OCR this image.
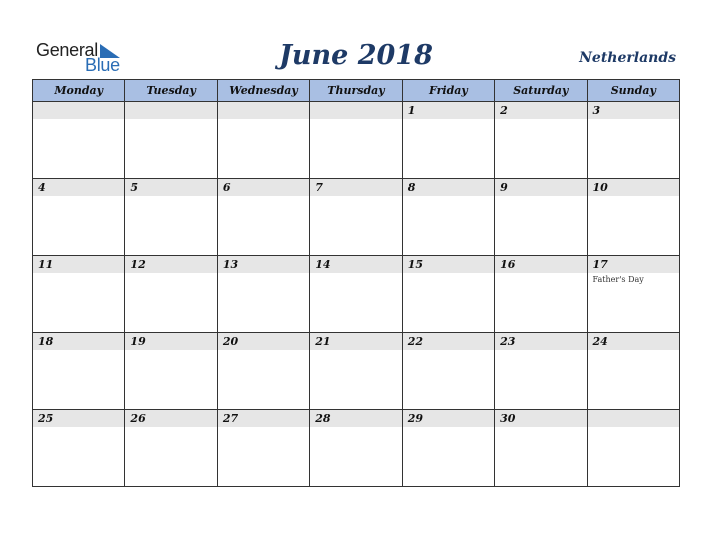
General
Blue	June 2018	Netherlands
Monday	Tuesday	Wednesday	Thursday	Friday	Saturday	Sunday

				1	2	3

4	5	6	7	8	9	10

11	12	13	14	15	16	17
Father's Day

18	19	20	21	22	23	24

25	26	27	28	29	30	
